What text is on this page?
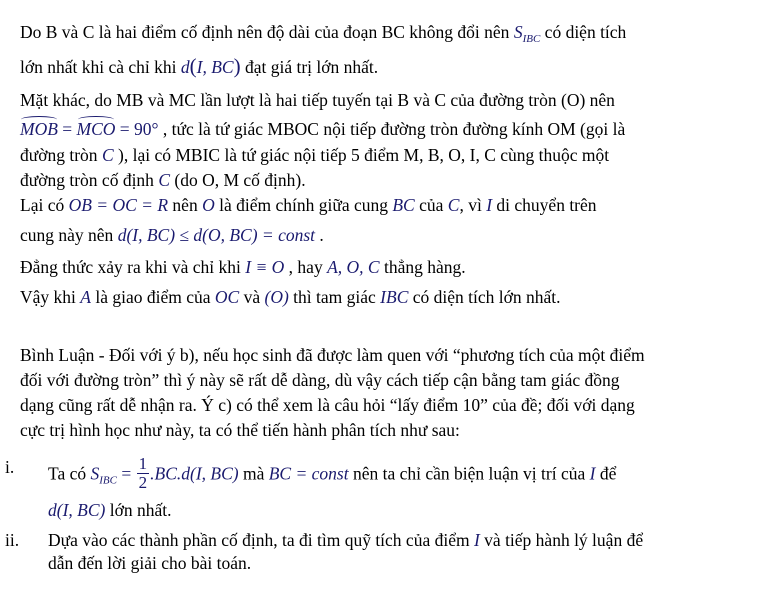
Do B và C là hai điểm cố định nên độ dài của đoạn BC không đổi nên $S_{IBC}$ có diện tích
lớn nhất khi cà chỉ khi d(I, BC) đạt giá trị lớn nhất.
Mặt khác, do MB và MC lần lượt là hai tiếp tuyến tại B và C của đường tròn (O) nên
MOB = MCO = 90° , tức là tứ giác MBOC nội tiếp đường tròn đường kính OM (gọi là
đường tròn C ), lại có MBIC là tứ giác nội tiếp 5 điểm M, B, O, I, C cùng thuộc một
đường tròn cố định C (do O, M cố định).
Lại có OB = OC = R nên O là điểm chính giữa cung BC của C, vì I di chuyển trên
cung này nên d(I, BC) ≤ d(O, BC) = const .
Đẳng thức xảy ra khi và chỉ khi I ≡ O , hay A, O, C thẳng hàng.
Vậy khi A là giao điểm của OC và (O) thì tam giác IBC có diện tích lớn nhất.
Bình Luận - Đối với ý b), nếu học sinh đã được làm quen với “phương tích của một điểm
đối với đường tròn” thì ý này sẽ rất dễ dàng, dù vậy cách tiếp cận bằng tam giác đồng
dạng cũng rất dễ nhận ra. Ý c) có thể xem là câu hỏi “lấy điểm 10” của đề; đối với dạng
cực trị hình học như này, ta có thể tiến hành phân tích như sau:
i. Ta có $S_{IBC} = \frac{1}{2} .BC.d(I$, BC) mà BC = const nên ta chỉ cần biện luận vị trí của I để
d(I, BC) lớn nhất.
ii. Dựa vào các thành phần cố định, ta đi tìm quỹ tích của điểm I và tiếp hành lý luận để
dẫn đến lời giải cho bài toán.
